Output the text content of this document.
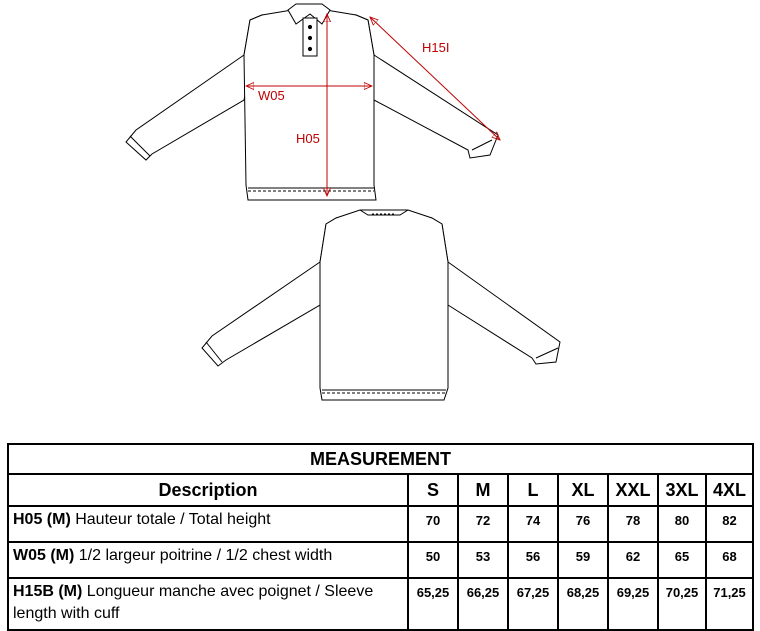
H15I
W05
H05
MEASUREMENT							
Description	S	M	L	XL	XXL	3XL	4XL
H05 (M) Hauteur totale / Total height	70	72	74	76	78	80	82
W05 (M) 1/2 largeur poitrine / 1/2 chest width	50	53	56	59	62	65	68
H15B (M) Longueur manche avec poignet / Sleeve length with cuff	65,25	66,25	67,25	68,25	69,25	70,25	71,25
